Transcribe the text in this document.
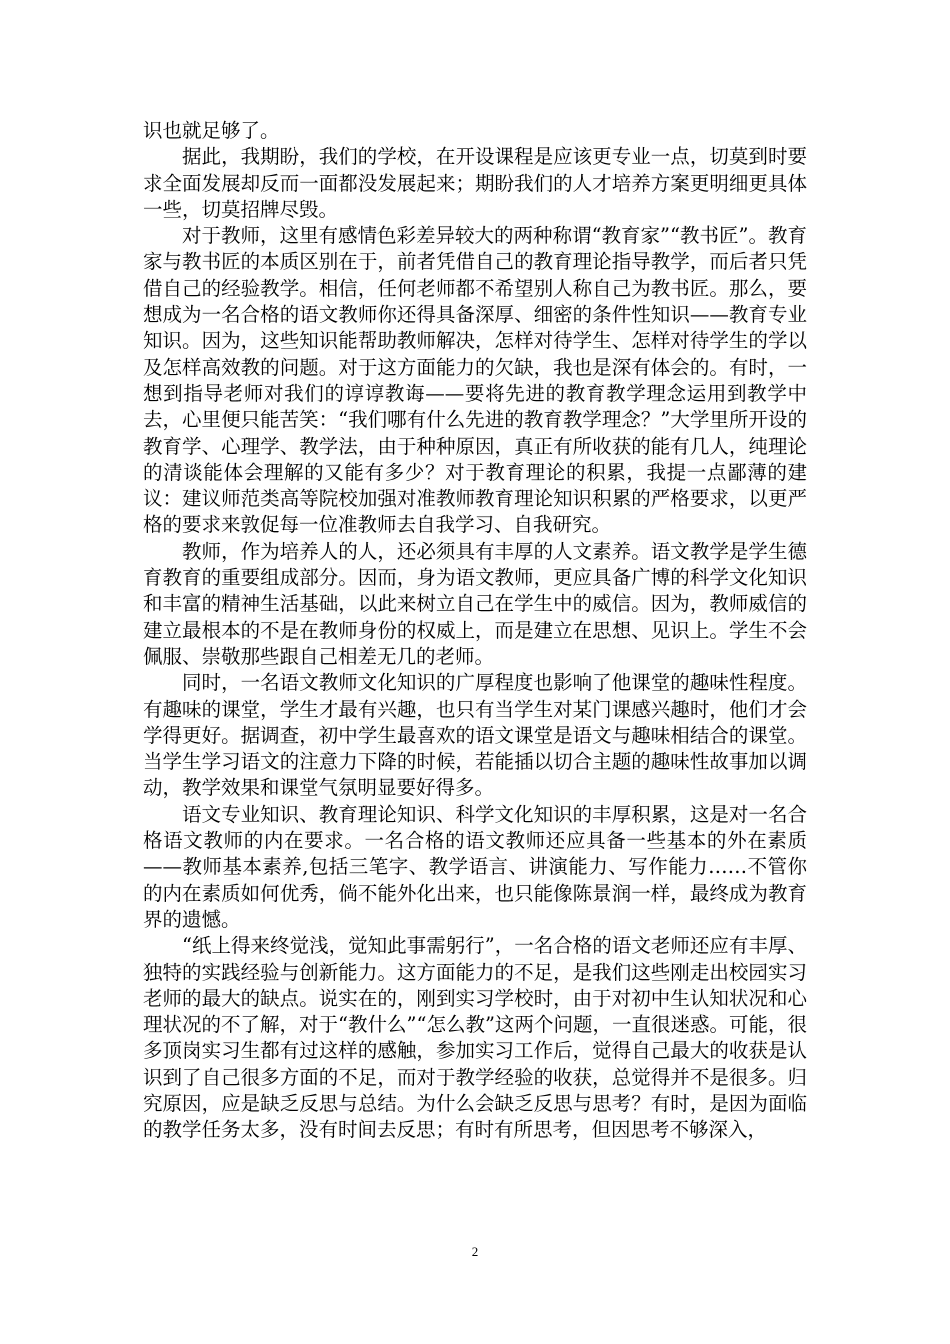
识也就足够了。

据此，我期盼，我们的学校，在开设课程是应该更专业一点，切莫到时要求全面发展却反而一面都没发展起来；期盼我们的人才培养方案更明细更具体一些，切莫招牌尽毁。

对于教师，这里有感情色彩差异较大的两种称谓“教育家”“教书匠”。教育家与教书匠的本质区别在于，前者凭借自己的教育理论指导教学，而后者只凭借自己的经验教学。相信，任何老师都不希望别人称自己为教书匠。那么，要想成为一名合格的语文教师你还得具备深厚、细密的条件性知识——教育专业知识。因为，这些知识能帮助教师解决，怎样对待学生、怎样对待学生的学以及怎样高效教的问题。对于这方面能力的欠缺，我也是深有体会的。有时，一想到指导老师对我们的谆谆教诲——要将先进的教育教学理念运用到教学中去，心里便只能苦笑：“我们哪有什么先进的教育教学理念？”大学里所开设的教育学、心理学、教学法，由于种种原因，真正有所收获的能有几人，纯理论的清谈能体会理解的又能有多少？对于教育理论的积累，我提一点鄙薄的建议：建议师范类高等院校加强对准教师教育理论知识积累的严格要求，以更严格的要求来敦促每一位准教师去自我学习、自我研究。

教师，作为培养人的人，还必须具有丰厚的人文素养。语文教学是学生德育教育的重要组成部分。因而，身为语文教师，更应具备广博的科学文化知识和丰富的精神生活基础，以此来树立自己在学生中的威信。因为，教师威信的建立最根本的不是在教师身份的权威上，而是建立在思想、见识上。学生不会佩服、崇敬那些跟自己相差无几的老师。

同时，一名语文教师文化知识的广厚程度也影响了他课堂的趣味性程度。有趣味的课堂，学生才最有兴趣，也只有当学生对某门课感兴趣时，他们才会学得更好。据调查，初中学生最喜欢的语文课堂是语文与趣味相结合的课堂。当学生学习语文的注意力下降的时候，若能插以切合主题的趣味性故事加以调动，教学效果和课堂气氛明显要好得多。

语文专业知识、教育理论知识、科学文化知识的丰厚积累，这是对一名合格语文教师的内在要求。一名合格的语文教师还应具备一些基本的外在素质——教师基本素养,包括三笔字、教学语言、讲演能力、写作能力……不管你的内在素质如何优秀，倘不能外化出来，也只能像陈景润一样，最终成为教育界的遗憾。

“纸上得来终觉浅，觉知此事需躬行”，一名合格的语文老师还应有丰厚、独特的实践经验与创新能力。这方面能力的不足，是我们这些刚走出校园实习老师的最大的缺点。说实在的，刚到实习学校时，由于对初中生认知状况和心理状况的不了解，对于“教什么”“怎么教”这两个问题，一直很迷惑。可能，很多顶岗实习生都有过这样的感触，参加实习工作后，觉得自己最大的收获是认识到了自己很多方面的不足，而对于教学经验的收获，总觉得并不是很多。归究原因，应是缺乏反思与总结。为什么会缺乏反思与思考？有时，是因为面临的教学任务太多，没有时间去反思；有时有所思考，但因思考不够深入，

2
